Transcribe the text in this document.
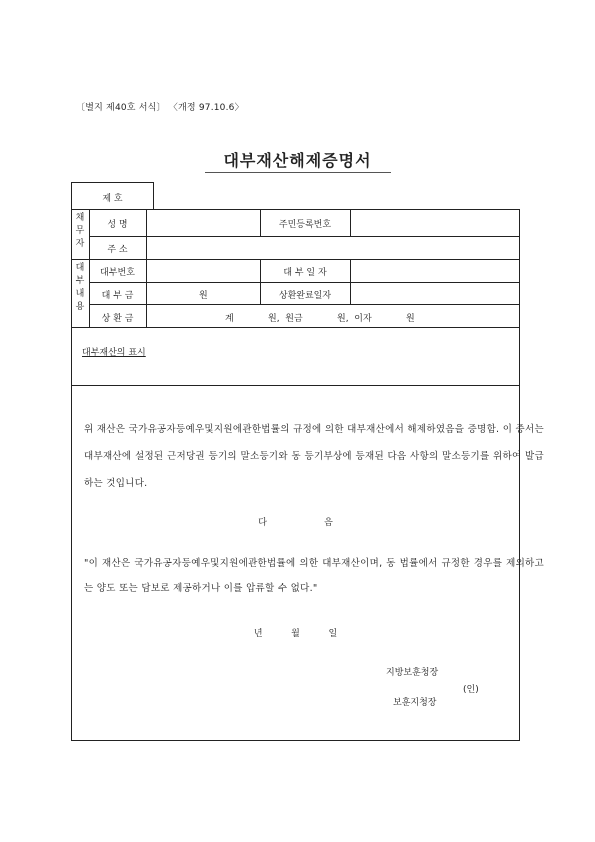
〔별지 제40호 서식〕 〈개정 97.10.6〉
대부재산해제증명서
제 호
채무자
성 명	주민등록번호
주 소
대부내용
대부번호	대 부 일 자
대 부 금	원	상환완료일자
상 환 금	계            원,  원금            원,  이자            원
대부재산의 표시
위 재산은 국가유공자등예우및지원에관한법률의 규정에 의한 대부재산에서 해제하였음을 증명함. 이 증서는 대부재산에 설정된 근저당권 등기의 말소등기와 동 등기부상에 등재된 다음 사항의 말소등기를 위하여 발급하는 것입니다.
다                    음
"이 재산은 국가유공자등예우및지원에관한법률에 의한 대부재산이며, 동 법률에서 규정한 경우를 제외하고는 양도 또는 담보로 제공하거나 이를 압류할 수 없다."
년          월          일
지방보훈청장
(인)
보훈지청장
